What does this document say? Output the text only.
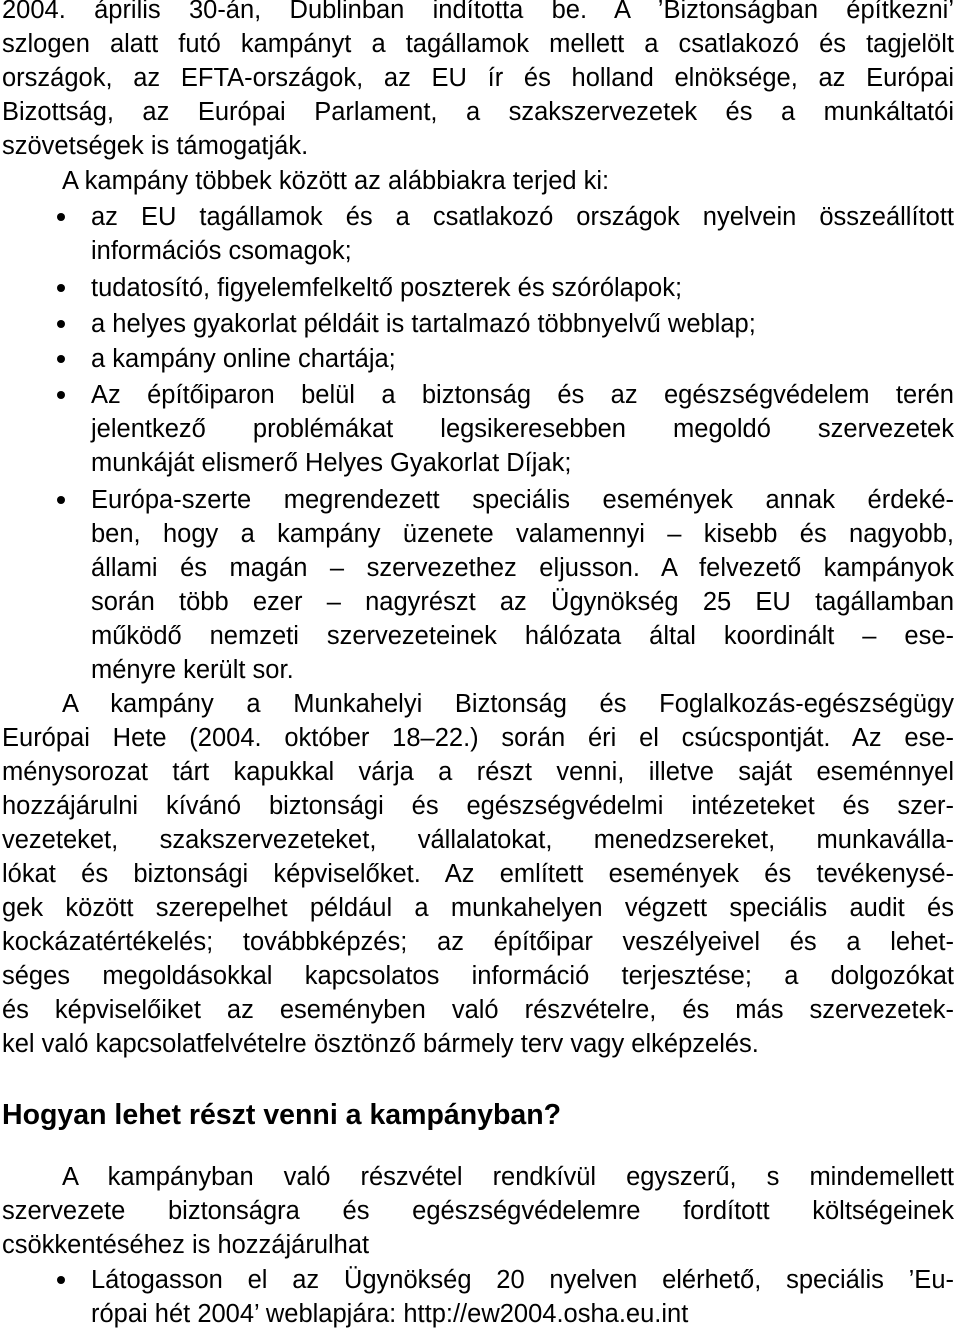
2004. április 30-án, Dublinban indította be. A ’Biztonságban építkezni’
szlogen alatt futó kampányt a tagállamok mellett a csatlakozó és tagjelölt
országok, az EFTA-országok, az EU ír és holland elnöksége, az Európai
Bizottság, az Európai Parlament, a szakszervezetek és a munkáltatói
szövetségek is támogatják.
A kampány többek között az alábbiakra terjed ki:
az EU tagállamok és a csatlakozó országok nyelvein összeállított
információs csomagok;
tudatosító, figyelemfelkeltő poszterek és szórólapok;
a helyes gyakorlat példáit is tartalmazó többnyelvű weblap;
a kampány online chartája;
Az építőiparon belül a biztonság és az egészségvédelem terén
jelentkező problémákat legsikeresebben megoldó szervezetek
munkáját elismerő Helyes Gyakorlat Díjak;
Európa-szerte megrendezett speciális események annak érdeké-
ben, hogy a kampány üzenete valamennyi – kisebb és nagyobb,
állami és magán – szervezethez eljusson. A felvezető kampányok
során több ezer – nagyrészt az Ügynökség 25 EU tagállamban
működő nemzeti szervezeteinek hálózata által koordinált – ese-
ményre került sor.
A kampány a Munkahelyi Biztonság és Foglalkozás-egészségügy
Európai Hete (2004. október 18–22.) során éri el csúcspontját. Az ese-
ménysorozat tárt kapukkal várja a részt venni, illetve saját eseménnyel
hozzájárulni kívánó biztonsági és egészségvédelmi intézeteket és szer-
vezeteket, szakszervezeteket, vállalatokat, menedzsereket, munkaválla-
lókat és biztonsági képviselőket. Az említett események és tevékenysé-
gek között szerepelhet például a munkahelyen végzett speciális audit és
kockázatértékelés; továbbképzés; az építőipar veszélyeivel és a lehet-
séges megoldásokkal kapcsolatos információ terjesztése; a dolgozókat
és képviselőiket az eseményben való részvételre, és más szervezetek-
kel való kapcsolatfelvételre ösztönző bármely terv vagy elképzelés.
Hogyan lehet részt venni a kampányban?
A kampányban való részvétel rendkívül egyszerű, s mindemellett
szervezete biztonságra és egészségvédelemre fordított költségeinek
csökkentéséhez is hozzájárulhat
Látogasson el az Ügynökség 20 nyelven elérhető, speciális ’Eu-
rópai hét 2004’ weblapjára: http://ew2004.osha.eu.int
